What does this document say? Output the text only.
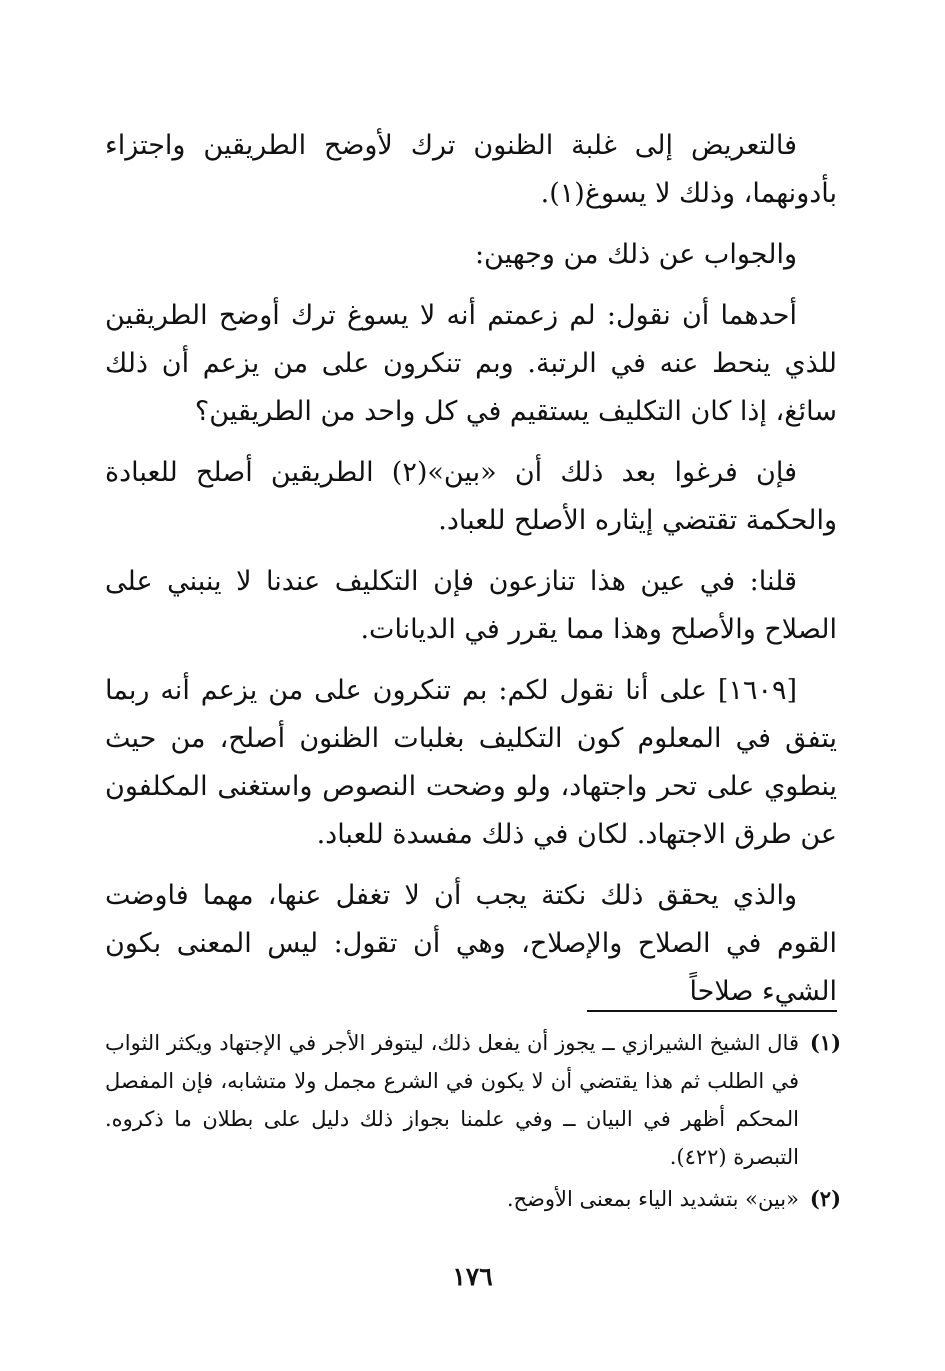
فالتعريض إلى غلبة الظنون ترك لأوضح الطريقين واجتزاء بأدونهما، وذلك لا يسوغ(١).

والجواب عن ذلك من وجهين:

أحدهما أن نقول: لم زعمتم أنه لا يسوغ ترك أوضح الطريقين للذي ينحط عنه في الرتبة. وبم تنكرون على من يزعم أن ذلك سائغ، إذا كان التكليف يستقيم في كل واحد من الطريقين؟

فإن فرغوا بعد ذلك أن «بين»(٢) الطريقين أصلح للعبادة والحكمة تقتضي إيثاره الأصلح للعباد.

قلنا: في عين هذا تنازعون فإن التكليف عندنا لا ينبني على الصلاح والأصلح وهذا مما يقرر في الديانات.

[١٦٠٩] على أنا نقول لكم: بم تنكرون على من يزعم أنه ربما يتفق في المعلوم كون التكليف بغلبات الظنون أصلح، من حيث ينطوي على تحر واجتهاد، ولو وضحت النصوص واستغنى المكلفون عن طرق الاجتهاد. لكان في ذلك مفسدة للعباد.

والذي يحقق ذلك نكتة يجب أن لا تغفل عنها، مهما فاوضت القوم في الصلاح والإصلاح، وهي أن تقول: ليس المعنى بكون الشيء صلاحاً

(١)
قال الشيخ الشيرازي ــ يجوز أن يفعل ذلك، ليتوفر الأجر في الإجتهاد ويكثر الثواب في الطلب ثم هذا يقتضي أن لا يكون في الشرع مجمل ولا متشابه، فإن المفصل المحكم أظهر في البيان ــ وفي علمنا بجواز ذلك دليل على بطلان ما ذكروه. التبصرة (٤٢٢).
(٢)
«بين» بتشديد الياء بمعنى الأوضح.
١٧٦
